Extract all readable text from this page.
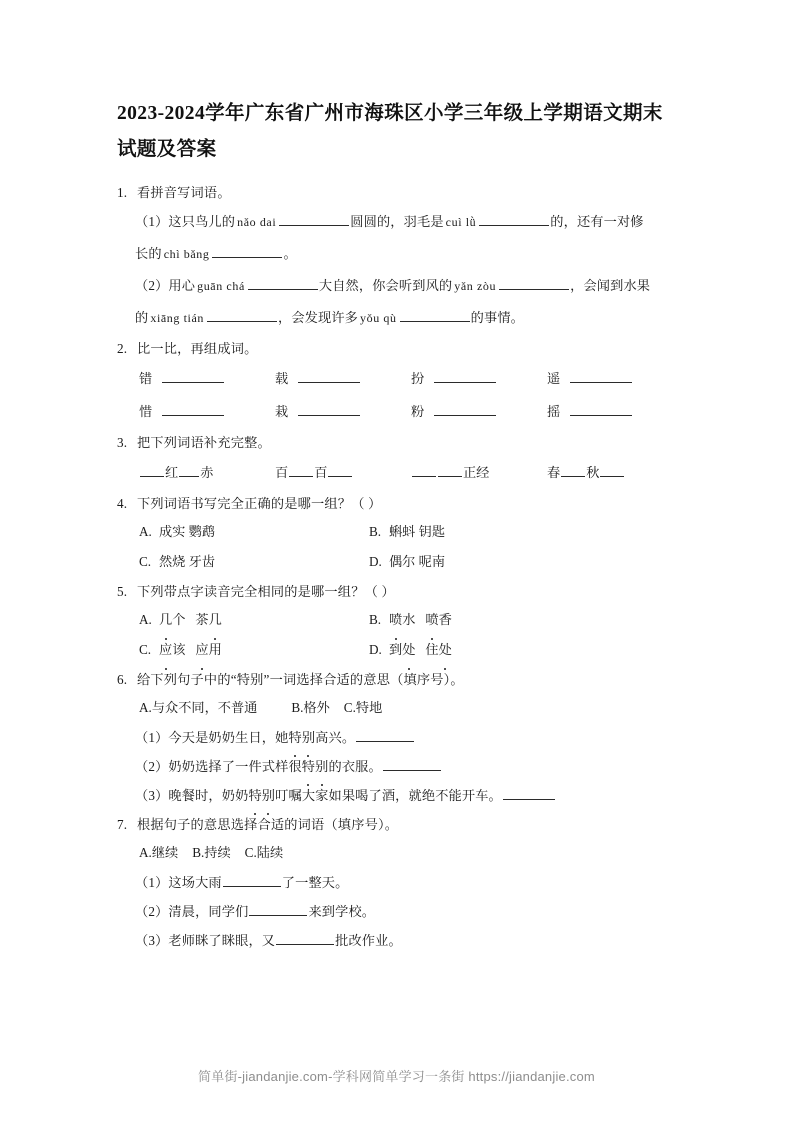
2023-2024学年广东省广州市海珠区小学三年级上学期语文期末试题及答案
1. 看拼音写词语。
（1）这只鸟儿的 nǎo dai	圆圆的，羽毛是 cuì lǜ	的，还有一对修
长的 chì bǎng	。
（2）用心 guān chá	大自然，你会听到风的 yǎn zòu	，会闻到水果
的 xiāng tián	，会发现许多 yǒu qù	的事情。
2. 比一比，再组成词。
错	载	扮	遥
惜	栽	粉	摇
3. 把下列词语补充完整。
红 赤	百 百	正经	春 秋
4. 下列词语书写完全正确的是哪一组？（ ）
A. 成实 鹦鹉	B. 蝌蚪 钥匙
C. 然烧 牙齿	D. 偶尔 呢南
5. 下列带点字读音完全相同的是哪一组？（ ）
A. 几个 茶几	B. 喷水 喷香
C. 应该 应用	D. 到处 住处
6. 给下列句子中的“特别”一词选择合适的意思（填序号）。
A.与众不同，不普通	B.格外 C.特地
（1）今天是奶奶生日，她特别高兴。
（2）奶奶选择了一件式样很特别的衣服。
（3）晚餐时，奶奶特别叮嘱大家如果喝了酒，就绝不能开车。
7. 根据句子的意思选择合适的词语（填序号）。
A.继续 B.持续 C.陆续
（1）这场大雨	了一整天。
（2）清晨，同学们	来到学校。
（3）老师眯了眯眼，又	批改作业。
简单街-jiandanjie.com-学科网简单学习一条街 https://jiandanjie.com
